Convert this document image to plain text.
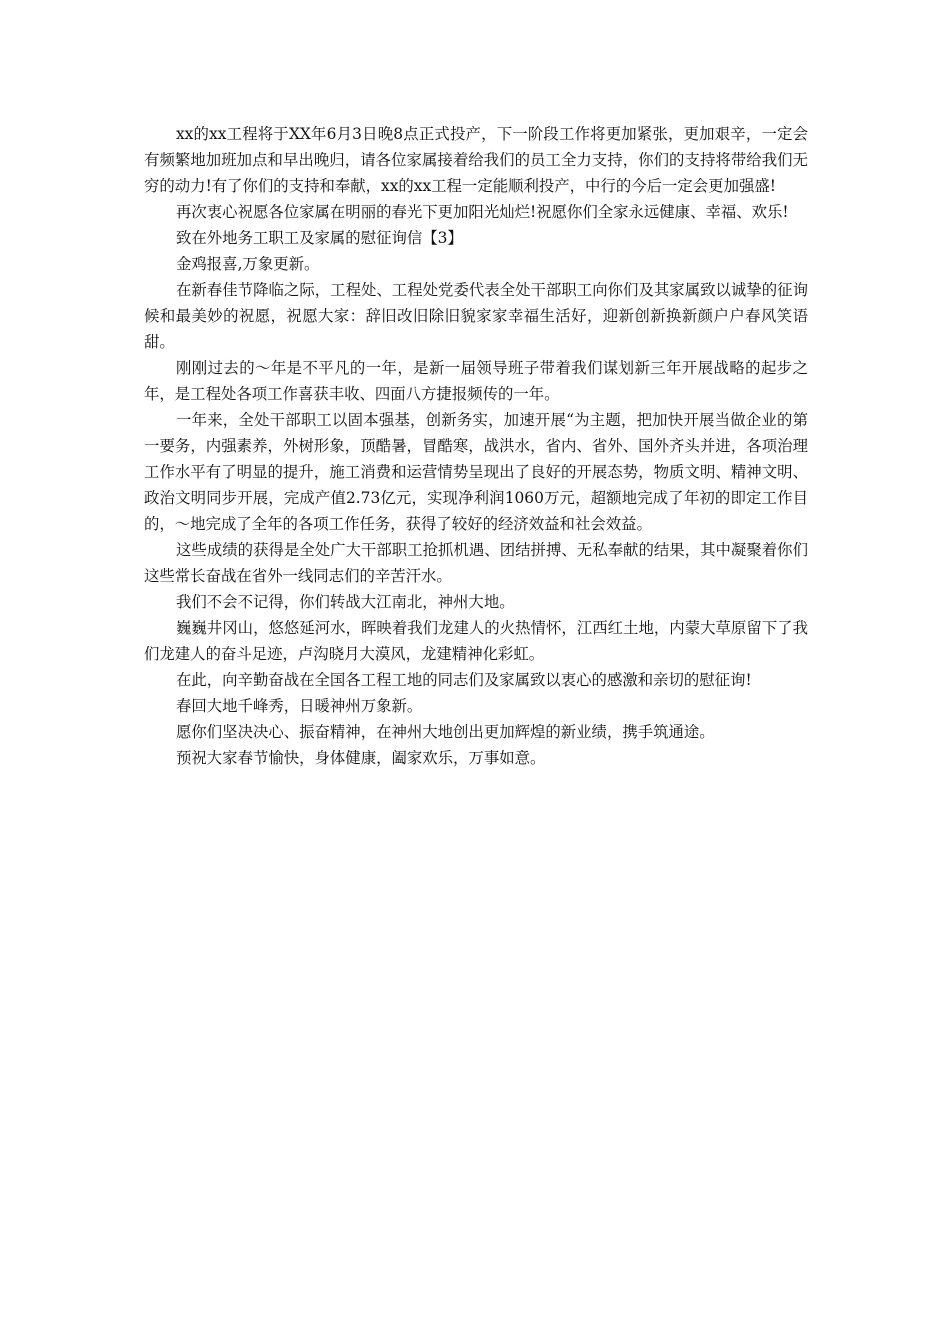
xx的xx工程将于XX年6月3日晚8点正式投产，下一阶段工作将更加紧张，更加艰辛，一定会有频繁地加班加点和早出晚归，请各位家属接着给我们的员工全力支持，你们的支持将带给我们无穷的动力!有了你们的支持和奉献，xx的xx工程一定能顺利投产，中行的今后一定会更加强盛!

再次衷心祝愿各位家属在明丽的春光下更加阳光灿烂!祝愿你们全家永远健康、幸福、欢乐!

致在外地务工职工及家属的慰征询信【3】

金鸡报喜,万象更新。

在新春佳节降临之际，工程处、工程处党委代表全处干部职工向你们及其家属致以诚挚的征询候和最美妙的祝愿，祝愿大家：辞旧改旧除旧貌家家幸福生活好，迎新创新换新颜户户春风笑语甜。

刚刚过去的～年是不平凡的一年，是新一届领导班子带着我们谋划新三年开展战略的起步之年，是工程处各项工作喜获丰收、四面八方捷报频传的一年。

一年来，全处干部职工以固本强基，创新务实，加速开展“为主题，把加快开展当做企业的第一要务，内强素养，外树形象，顶酷暑，冒酷寒，战洪水，省内、省外、国外齐头并进，各项治理工作水平有了明显的提升，施工消费和运营情势呈现出了良好的开展态势，物质文明、精神文明、政治文明同步开展，完成产值2.73亿元，实现净利润1060万元，超额地完成了年初的即定工作目的，～地完成了全年的各项工作任务，获得了较好的经济效益和社会效益。

这些成绩的获得是全处广大干部职工抢抓机遇、团结拼搏、无私奉献的结果，其中凝聚着你们这些常长奋战在省外一线同志们的辛苦汗水。

我们不会不记得，你们转战大江南北，神州大地。

巍巍井冈山，悠悠延河水，晖映着我们龙建人的火热情怀，江西红土地，内蒙大草原留下了我们龙建人的奋斗足迹，卢沟晓月大漠风，龙建精神化彩虹。

在此，向辛勤奋战在全国各工程工地的同志们及家属致以衷心的感激和亲切的慰征询!

春回大地千峰秀，日暖神州万象新。

愿你们坚决决心、振奋精神，在神州大地创出更加辉煌的新业绩，携手筑通途。

预祝大家春节愉快，身体健康，阖家欢乐，万事如意。
